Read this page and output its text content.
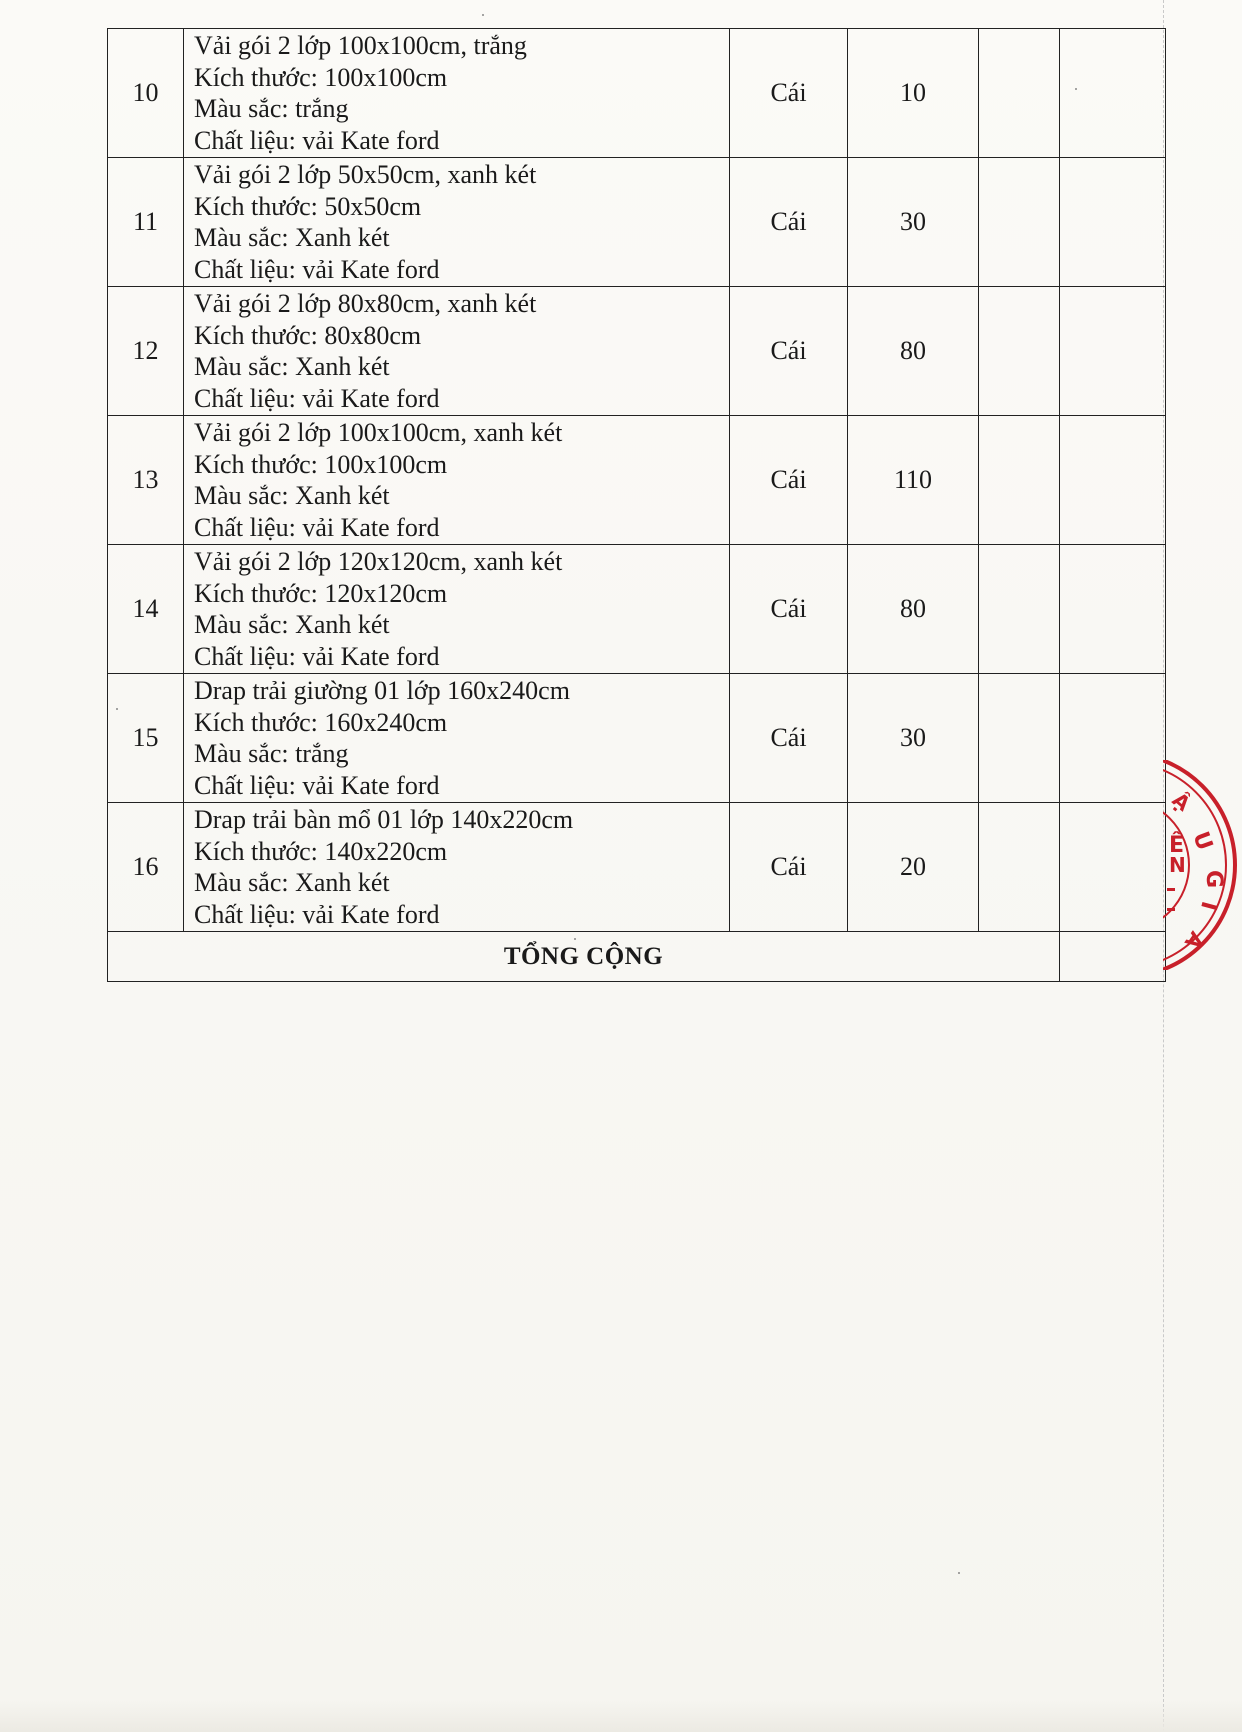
10	Vải gói 2 lớp 100x100cm, trắng
Kích thước: 100x100cm
Màu sắc: trắng
Chất liệu: vải Kate ford	Cái	10		
11	Vải gói 2 lớp 50x50cm, xanh két
Kích thước: 50x50cm
Màu sắc: Xanh két
Chất liệu: vải Kate ford	Cái	30		
12	Vải gói 2 lớp 80x80cm, xanh két
Kích thước: 80x80cm
Màu sắc: Xanh két
Chất liệu: vải Kate ford	Cái	80		
13	Vải gói 2 lớp 100x100cm, xanh két
Kích thước: 100x100cm
Màu sắc: Xanh két
Chất liệu: vải Kate ford	Cái	110		
14	Vải gói 2 lớp 120x120cm, xanh két
Kích thước: 120x120cm
Màu sắc: Xanh két
Chất liệu: vải Kate ford	Cái	80		
15	Drap trải giường 01 lớp 160x240cm
Kích thước: 160x240cm
Màu sắc: trắng
Chất liệu: vải Kate ford	Cái	30		
16	Drap trải bàn mổ 01 lớp 140x220cm
Kích thước: 140x220cm
Màu sắc: Xanh két
Chất liệu: vải Kate ford	Cái	20		
TỔNG CỘNG					
Ậ
U
G
I
A
Ê
N
